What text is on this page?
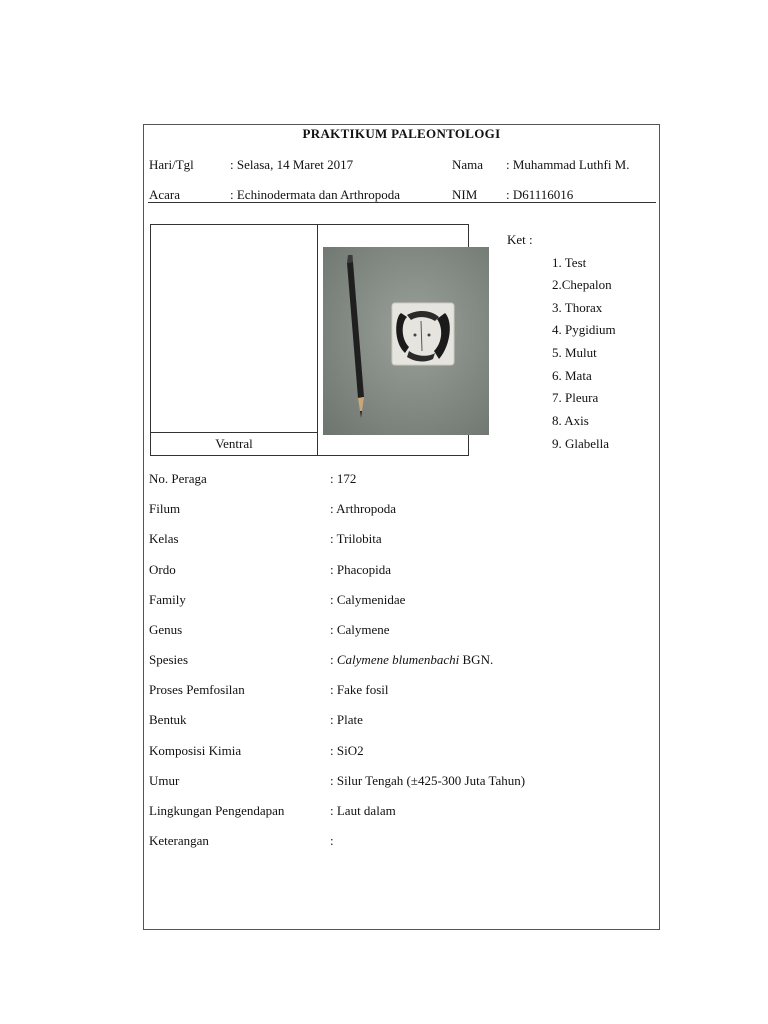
PRAKTIKUM PALEONTOLOGI
Hari/Tgl	: Selasa, 14 Maret 2017	Nama : Muhammad Luthfi M.
Acara	: Echinodermata dan Arthropoda	NIM : D61116016
Ventral
Ket :
1. Test
2.Chepalon
3. Thorax
4. Pygidium
5. Mulut
6. Mata
7. Pleura
8. Axis
9. Glabella
No. Peraga	: 172
Filum	: Arthropoda
Kelas	: Trilobita
Ordo	: Phacopida
Family	: Calymenidae
Genus	: Calymene
Spesies	: Calymene blumenbachi BGN.
Proses Pemfosilan	: Fake fosil
Bentuk	: Plate
Komposisi Kimia	: SiO2
Umur	: Silur Tengah (±425-300 Juta Tahun)
Lingkungan Pengendapan	: Laut dalam
Keterangan	:
